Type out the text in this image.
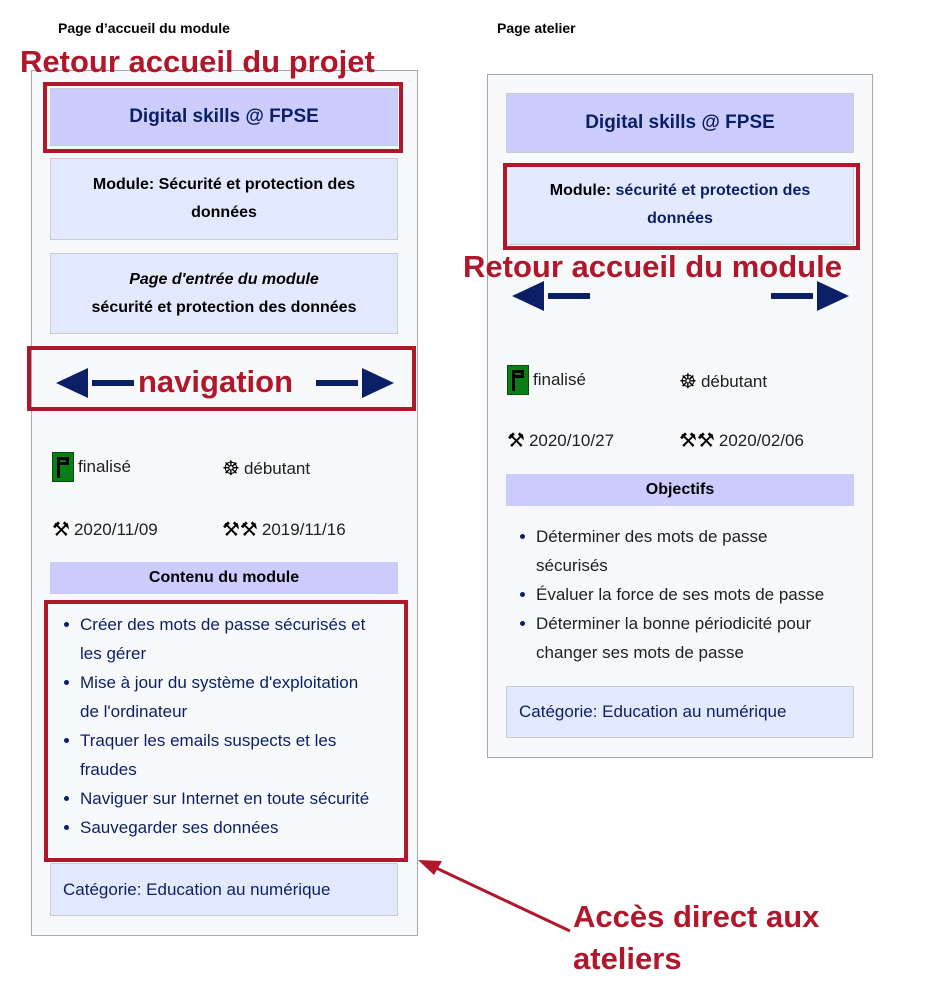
Page d’accueil du module	Page atelier
Digital skills @ FPSE
Module: Sécurité et protection des
données
Page d'entrée du module
sécurité et protection des données
finalisé	☸ débutant
⚒ 2020/11/09	⚒⚒ 2019/11/16
Contenu du module
Créer des mots de passe sécurisés et
les gérer
Mise à jour du système d'exploitation
de l'ordinateur
Traquer les emails suspects et les
fraudes
Naviguer sur Internet en toute sécurité
Sauvegarder ses données
Catégorie: Education au numérique
Digital skills @ FPSE
Module: sécurité et protection des
données
finalisé	☸ débutant
⚒ 2020/10/27	⚒⚒ 2020/02/06
Objectifs
Déterminer des mots de passe
sécurisés
Évaluer la force de ses mots de passe
Déterminer la bonne périodicité pour
changer ses mots de passe
Catégorie: Education au numérique
Retour accueil du projet
navigation
Retour accueil du module
Accès direct aux
ateliers
